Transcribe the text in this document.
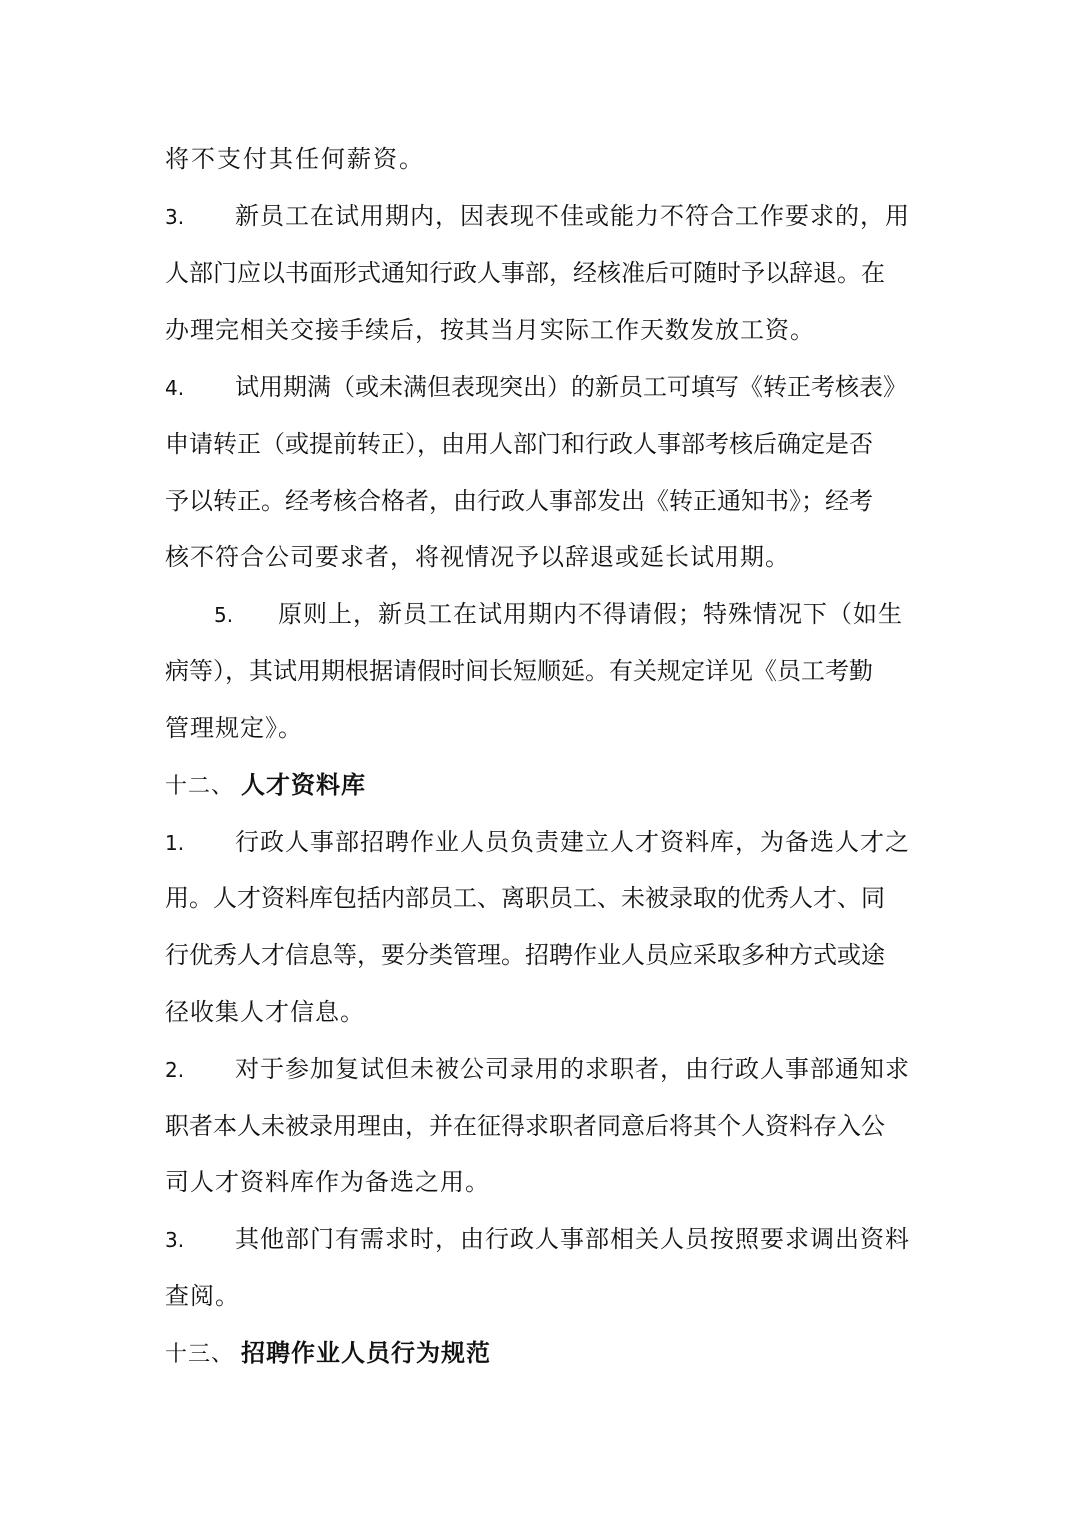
将不支付其任何薪资。
3. 新员工在试用期内，因表现不佳或能力不符合工作要求的，用
人部门应以书面形式通知行政人事部，经核准后可随时予以辞退。在
办理完相关交接手续后，按其当月实际工作天数发放工资。
4. 试用期满（或未满但表现突出）的新员工可填写《转正考核表》
申请转正（或提前转正），由用人部门和行政人事部考核后确定是否
予以转正。经考核合格者，由行政人事部发出《转正通知书》；经考
核不符合公司要求者，将视情况予以辞退或延长试用期。
5. 原则上，新员工在试用期内不得请假；特殊情况下（如生
病等），其试用期根据请假时间长短顺延。有关规定详见《员工考勤
管理规定》。
十二、 人才资料库
1. 行政人事部招聘作业人员负责建立人才资料库，为备选人才之
用。人才资料库包括内部员工、离职员工、未被录取的优秀人才、同
行优秀人才信息等，要分类管理。招聘作业人员应采取多种方式或途
径收集人才信息。
2. 对于参加复试但未被公司录用的求职者，由行政人事部通知求
职者本人未被录用理由，并在征得求职者同意后将其个人资料存入公
司人才资料库作为备选之用。
3. 其他部门有需求时，由行政人事部相关人员按照要求调出资料
查阅。
十三、 招聘作业人员行为规范
